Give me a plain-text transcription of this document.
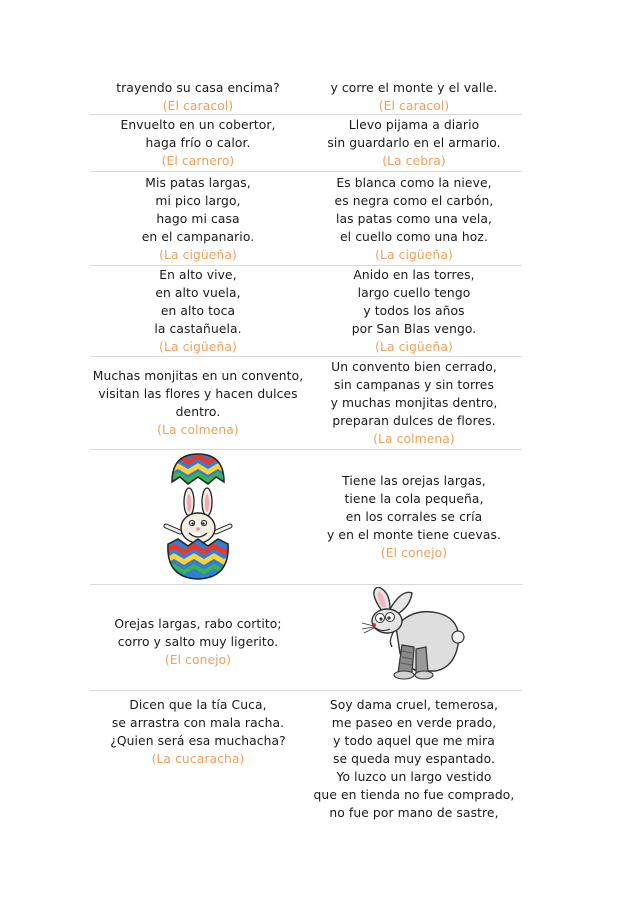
trayendo su casa encima?
(El caracol)
y corre el monte y el valle.
(El caracol)
Envuelto en un cobertor,
haga frío o calor.
(El carnero)
Llevo pijama a diario
sin guardarlo en el armario.
(La cebra)
Mis patas largas,
mi pico largo,
hago mi casa
en el campanario.
(La cigüeña)
Es blanca como la nieve,
es negra como el carbón,
las patas como una vela,
el cuello como una hoz.
(La cigüeña)
En alto vive,
en alto vuela,
en alto toca
la castañuela.
(La cigüeña)
Anido en las torres,
largo cuello tengo
y todos los años
por San Blas vengo.
(La cigüeña)
Muchas monjitas en un convento,
visitan las flores y hacen dulces
dentro.
(La colmena)
Un convento bien cerrado,
sin campanas y sin torres
y muchas monjitas dentro,
preparan dulces de flores.
(La colmena)
Tiene las orejas largas,
tiene la cola pequeña,
en los corrales se cría
y en el monte tiene cuevas.
(El conejo)
Orejas largas, rabo cortito;
corro y salto muy ligerito.
(El conejo)
Dicen que la tía Cuca,
se arrastra con mala racha.
¿Quien será esa muchacha?
(La cucaracha)
Soy dama cruel, temerosa,
me paseo en verde prado,
y todo aquel que me mira
se queda muy espantado.
Yo luzco un largo vestido
que en tienda no fue comprado,
no fue por mano de sastre,
